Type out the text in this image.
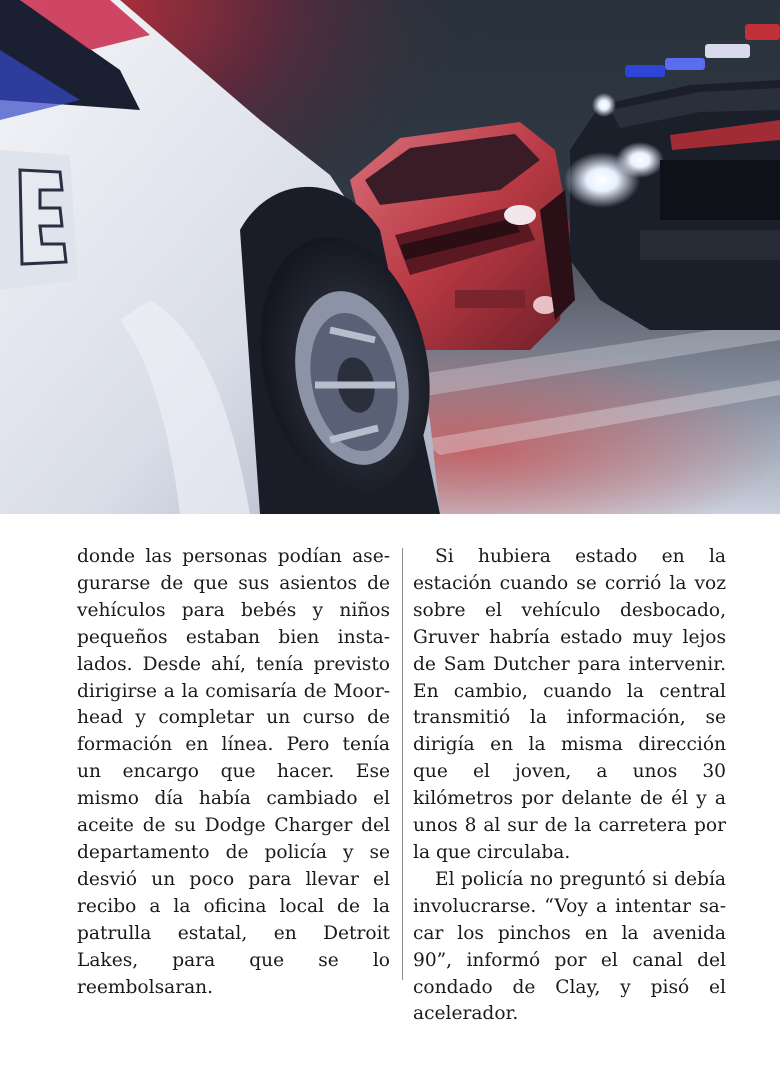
donde las personas podían asegurarse de que sus asientos de vehículos para bebés y niños pequeños estaban bien instalados. Desde ahí, tenía previsto dirigirse a la comisaría de Moorhead y completar un curso de formación en línea. Pero tenía un encargo que hacer. Ese mismo día había cambiado el aceite de su Dodge Charger del departamento de policía y se desvió un poco para llevar el recibo a la oficina local de la patrulla estatal, en Detroit Lakes, para que se lo reembolsaran.

Si hubiera estado en la estación cuando se corrió la voz sobre el vehículo desbocado, Gruver habría estado muy lejos de Sam Dutcher para intervenir. En cambio, cuando la central transmitió la información, se dirigía en la misma dirección que el joven, a unos 30 kilómetros por delante de él y a unos 8 al sur de la carretera por la que circulaba.

El policía no preguntó si debía involucrarse. “Voy a intentar sacar los pinchos en la avenida 90”, informó por el canal del condado de Clay, y pisó el acelerador.
